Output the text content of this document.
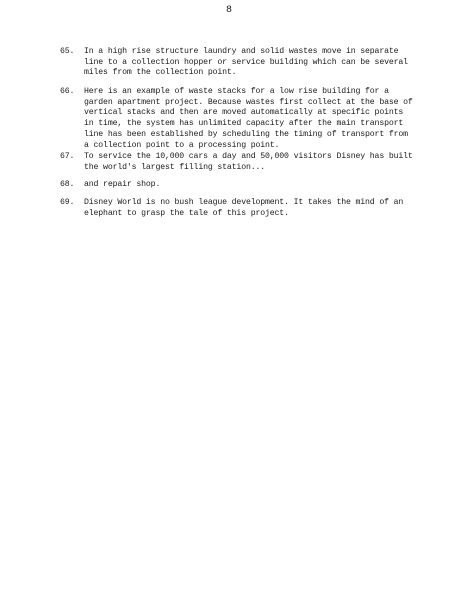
8
65. In a high rise structure laundry and solid wastes move in separate
line to a collection hopper or service building which can be several
miles from the collection point.
66. Here is an example of waste stacks for a low rise building for a
garden apartment project. Because wastes first collect at the base of
vertical stacks and then are moved automatically at specific points
in time, the system has unlimited capacity after the main transport
line has been established by scheduling the timing of transport from
a collection point to a processing point.
67. To service the 10,000 cars a day and 50,000 visitors Disney has built
the world's largest filling station...
68. and repair shop.
69. Disney World is no bush league development. It takes the mind of an
elephant to grasp the tale of this project.
